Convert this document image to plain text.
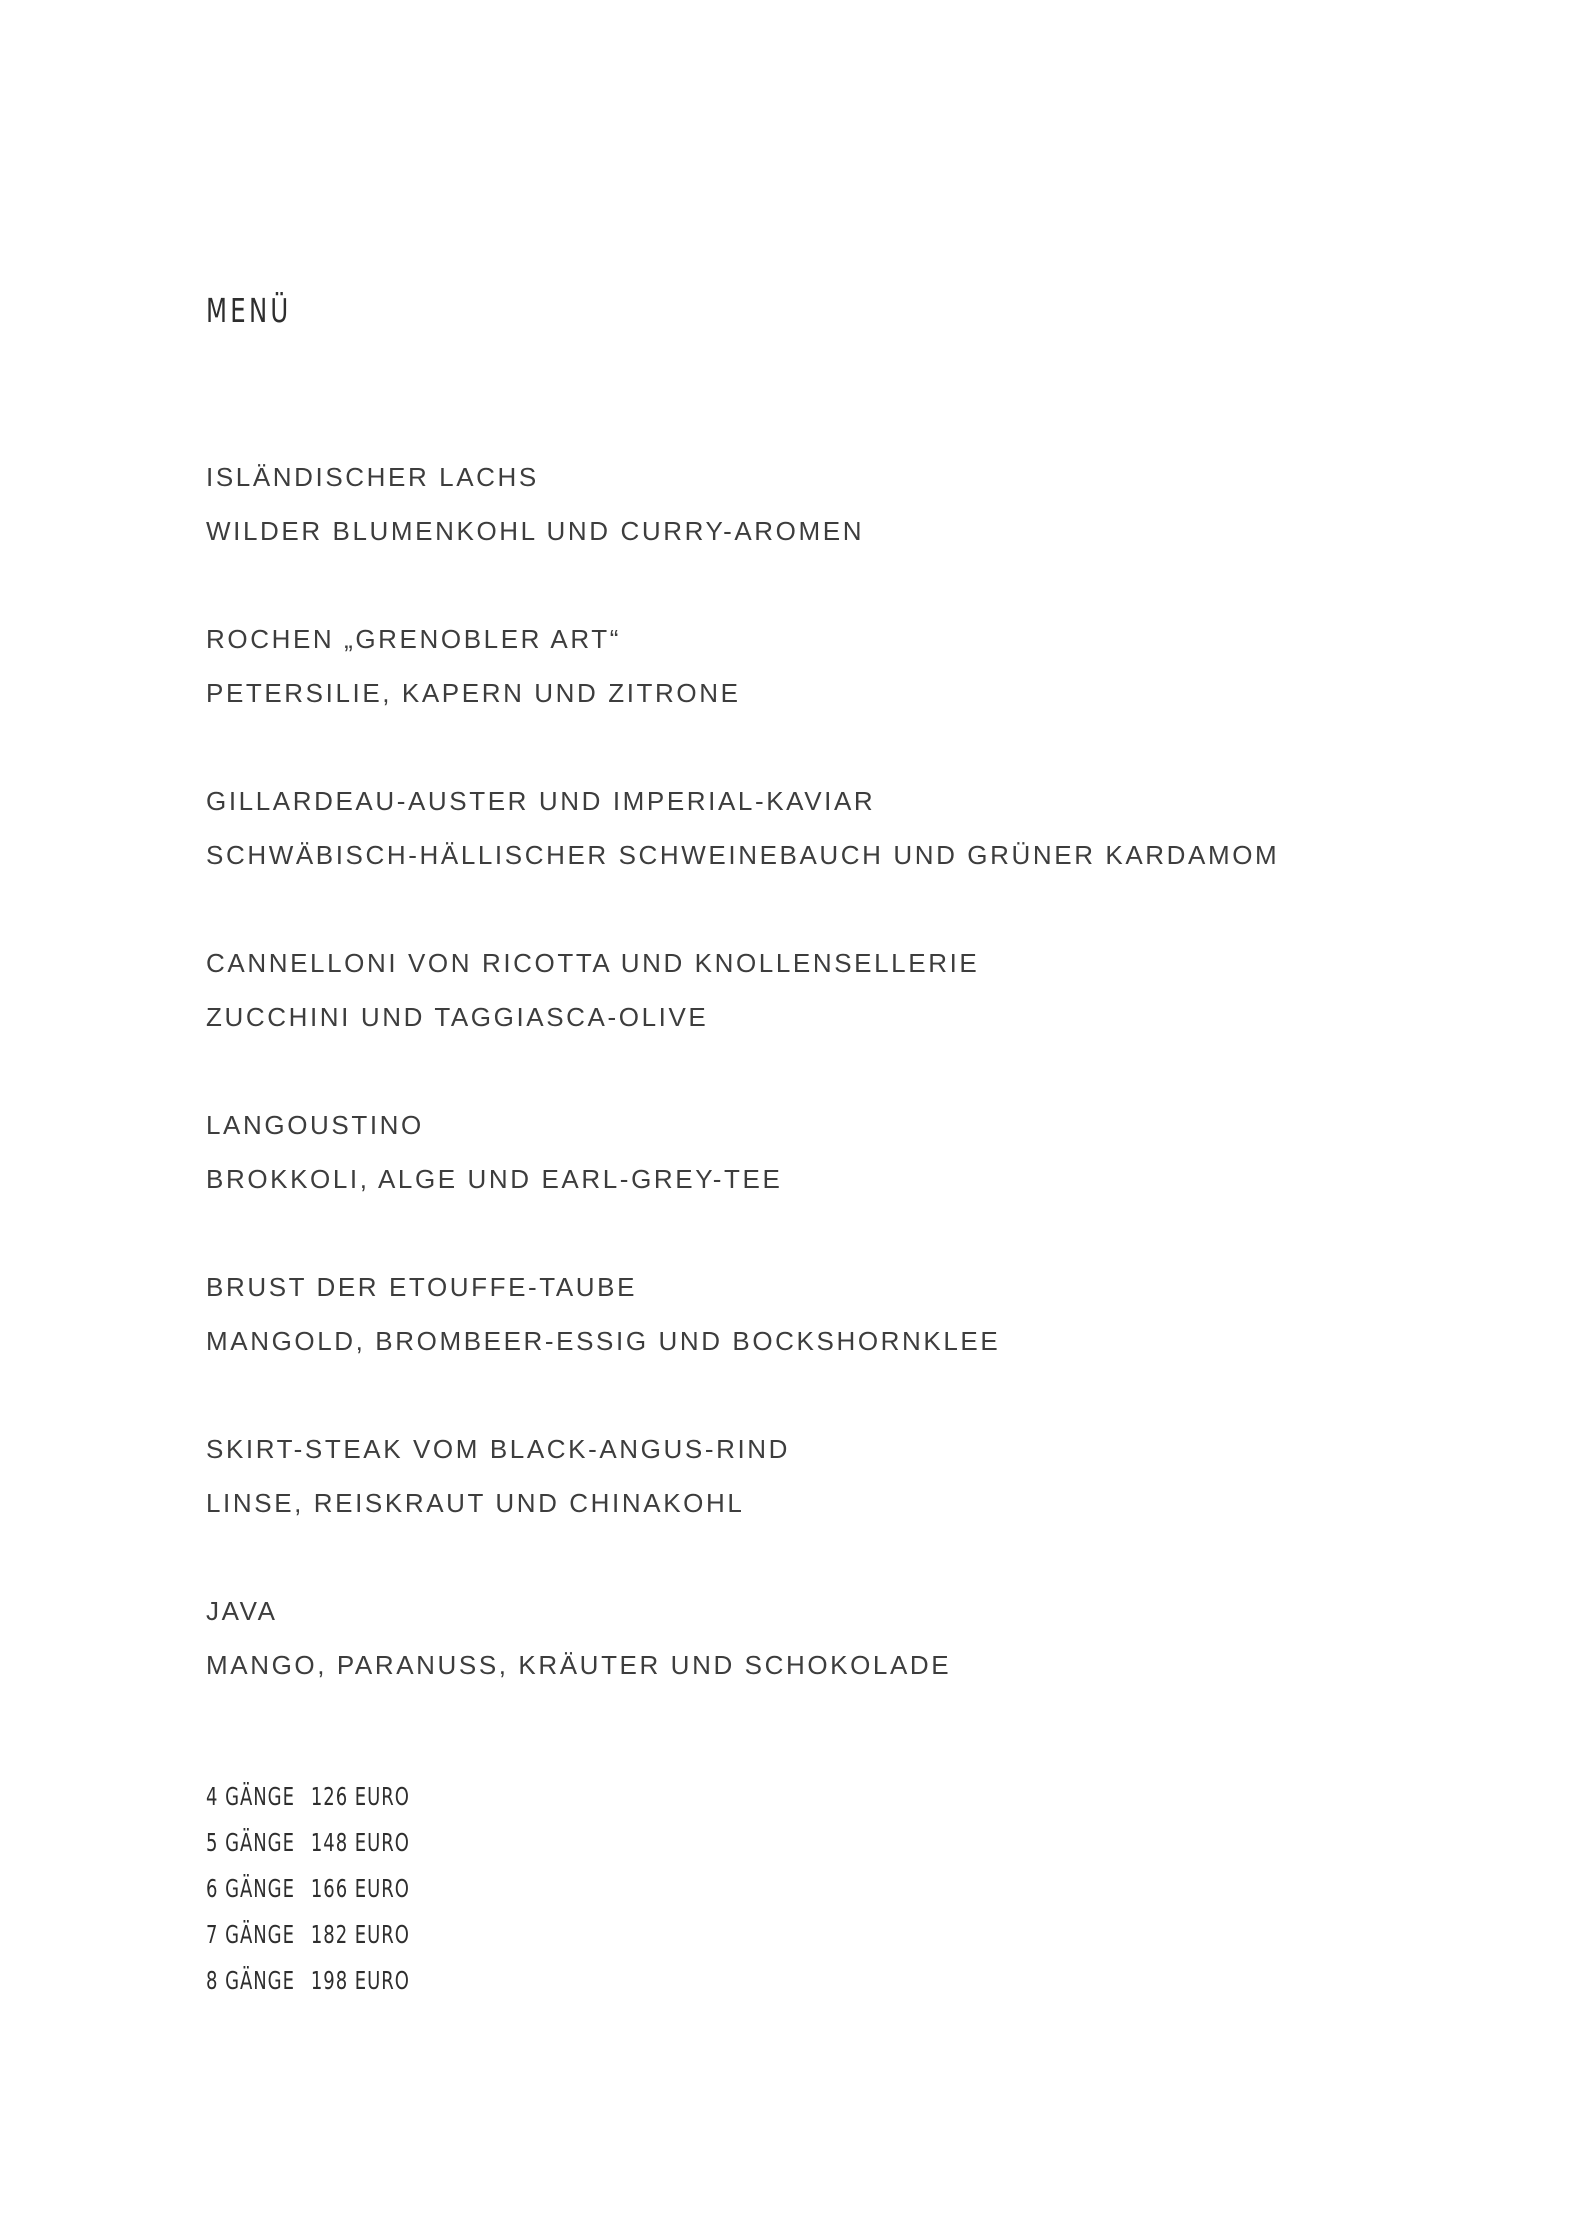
MENÜ
ISLÄNDISCHER LACHS
WILDER BLUMENKOHL UND CURRY-AROMEN
ROCHEN „GRENOBLER ART“
PETERSILIE, KAPERN UND ZITRONE
GILLARDEAU-AUSTER UND IMPERIAL-KAVIAR
SCHWÄBISCH-HÄLLISCHER SCHWEINEBAUCH UND GRÜNER KARDAMOM
CANNELLONI VON RICOTTA UND KNOLLENSELLERIE
ZUCCHINI UND TAGGIASCA-OLIVE
LANGOUSTINO
BROKKOLI, ALGE UND EARL-GREY-TEE
BRUST DER ETOUFFE-TAUBE
MANGOLD, BROMBEER-ESSIG UND BOCKSHORNKLEE
SKIRT-STEAK VOM BLACK-ANGUS-RIND
LINSE, REISKRAUT UND CHINAKOHL
JAVA
MANGO, PARANUSS, KRÄUTER UND SCHOKOLADE
4 GÄNGE 126 EURO
5 GÄNGE 148 EURO
6 GÄNGE 166 EURO
7 GÄNGE 182 EURO
8 GÄNGE 198 EURO
